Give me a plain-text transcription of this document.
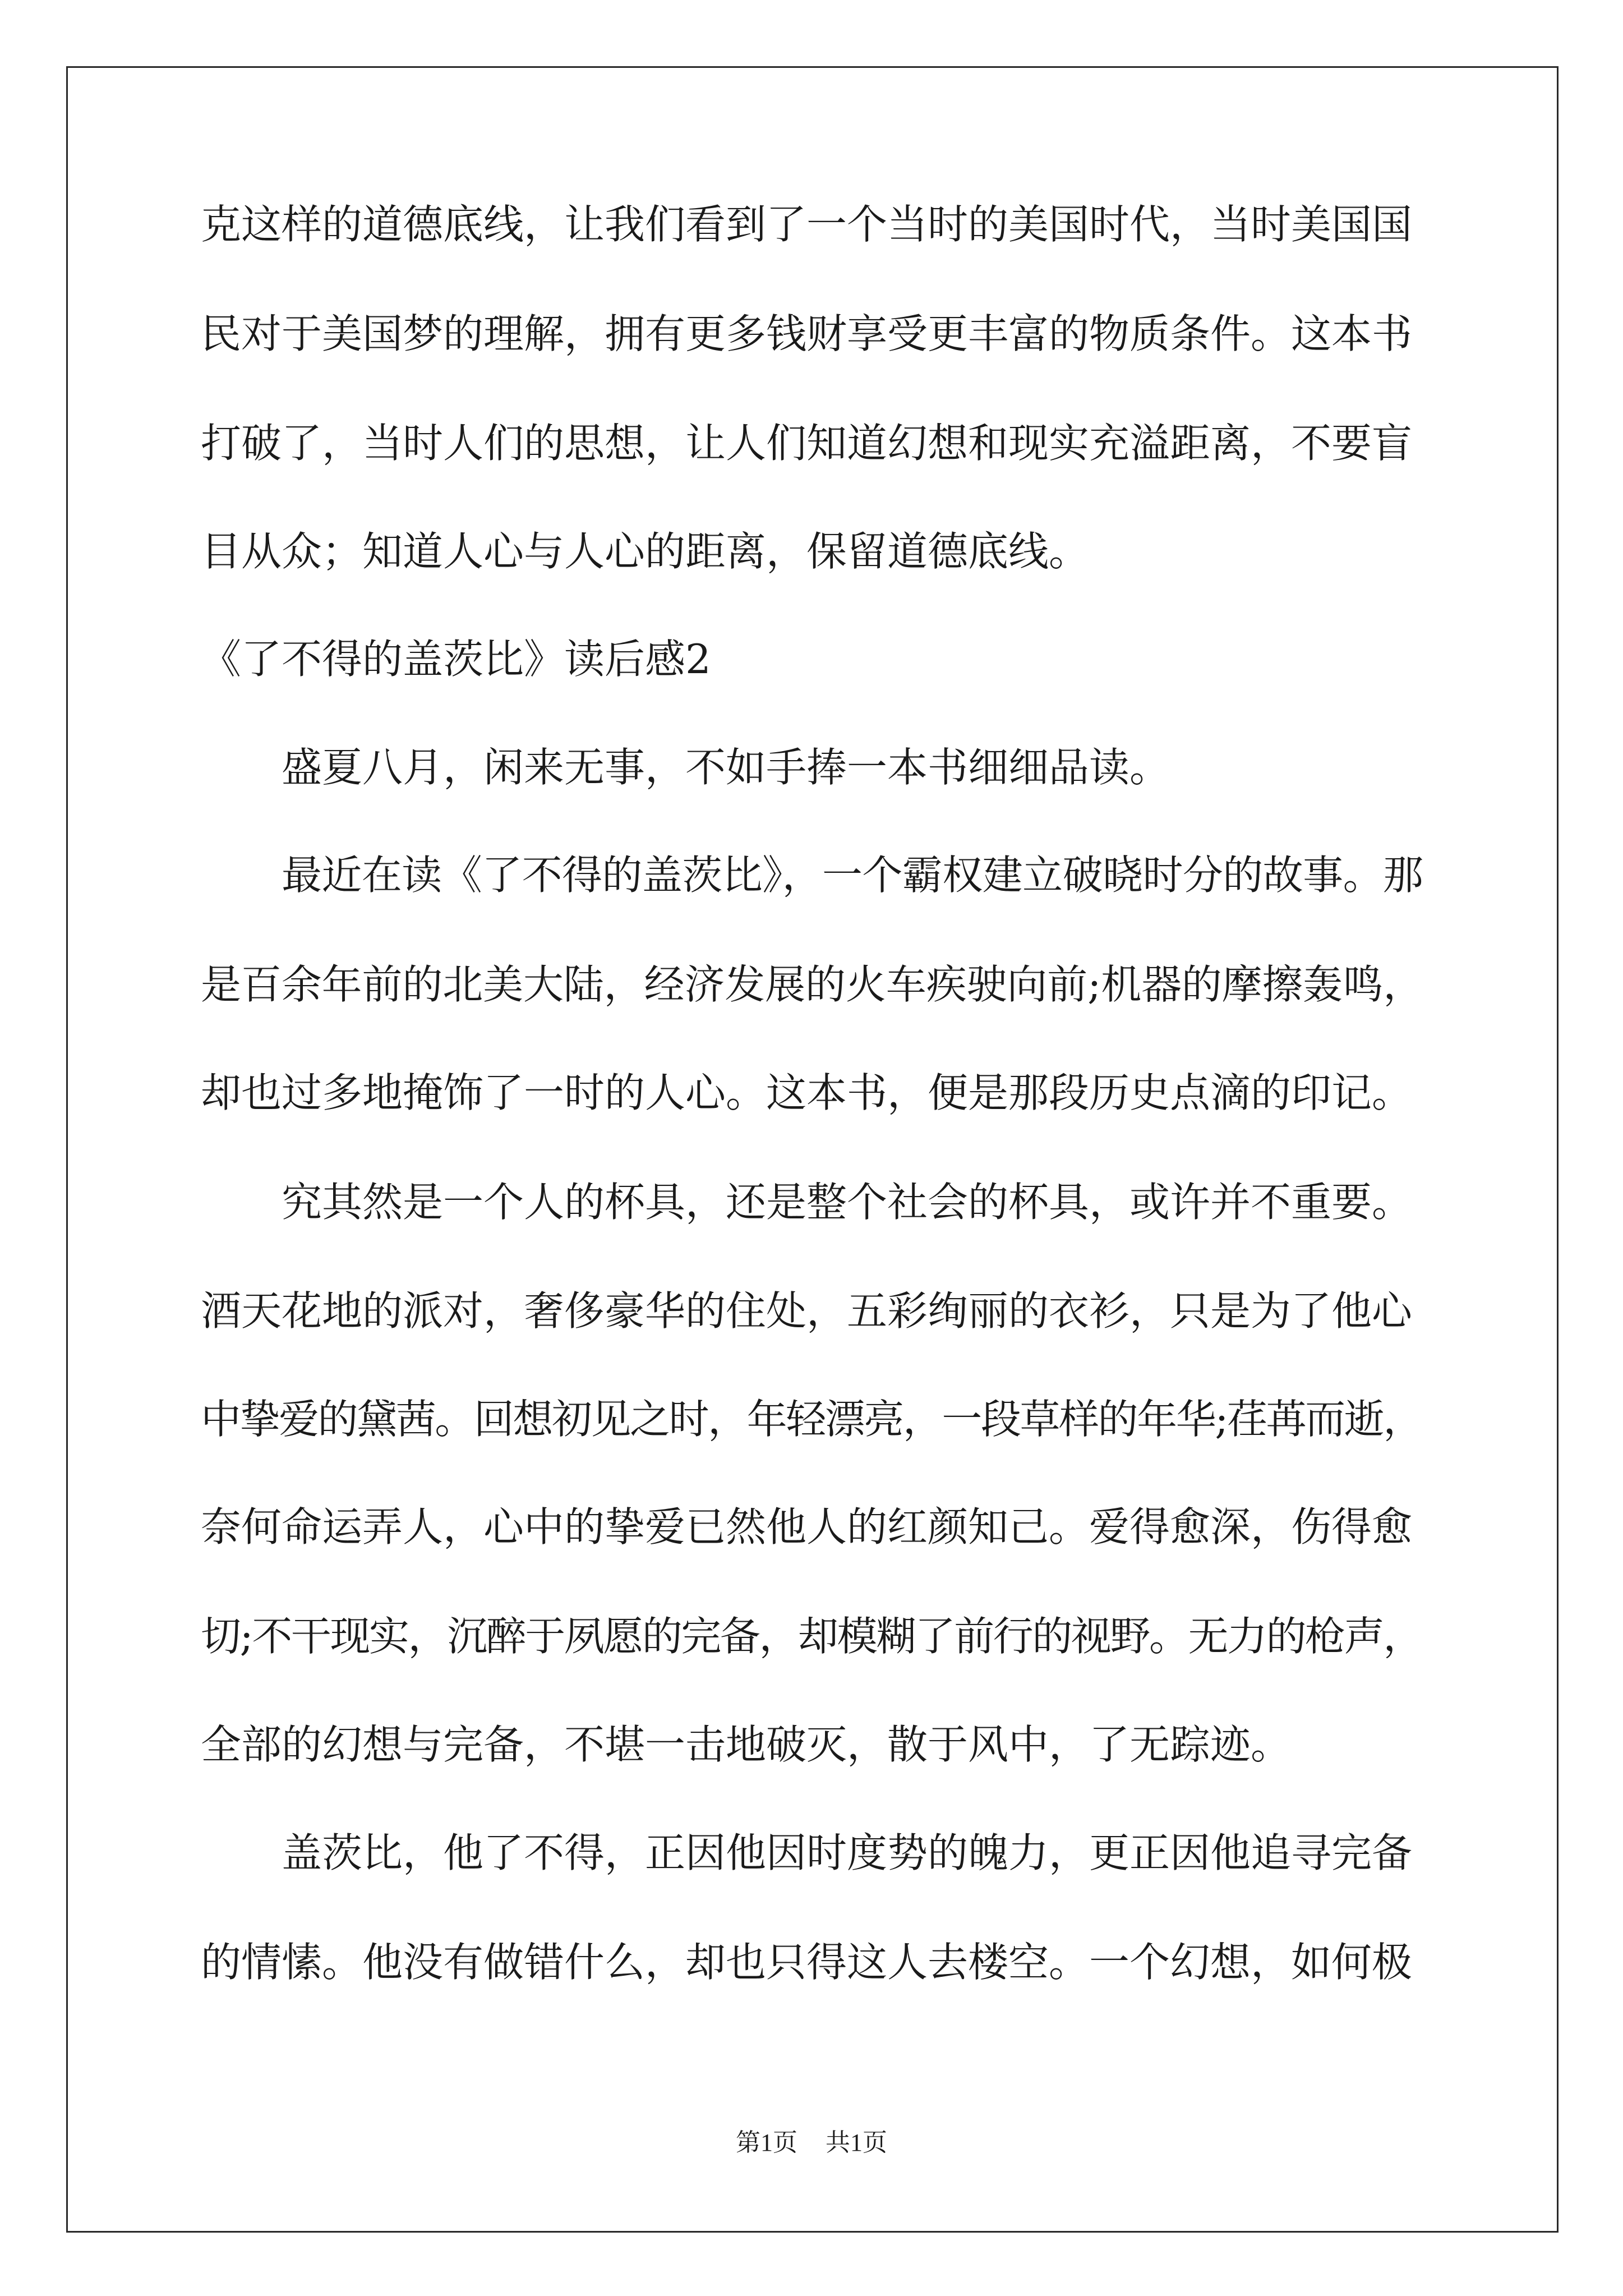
克这样的道德底线，让我们看到了一个当时的美国时代，当时美国国
民对于美国梦的理解，拥有更多钱财享受更丰富的物质条件。这本书
打破了，当时人们的思想，让人们知道幻想和现实充溢距离，不要盲
目从众；知道人心与人心的距离，保留道德底线。
《了不得的盖茨比》读后感2
盛夏八月，闲来无事，不如手捧一本书细细品读。
最近在读《了不得的盖茨比》，一个霸权建立破晓时分的故事。那
是百余年前的北美大陆，经济发展的火车疾驶向前;机器的摩擦轰鸣，
却也过多地掩饰了一时的人心。这本书，便是那段历史点滴的印记。
究其然是一个人的杯具，还是整个社会的杯具，或许并不重要。
酒天花地的派对，奢侈豪华的住处，五彩绚丽的衣衫，只是为了他心
中挚爱的黛茜。回想初见之时，年轻漂亮，一段草样的年华;荏苒而逝，
奈何命运弄人，心中的挚爱已然他人的红颜知己。爱得愈深，伤得愈
切;不干现实，沉醉于夙愿的完备，却模糊了前行的视野。无力的枪声，
全部的幻想与完备，不堪一击地破灭，散于风中，了无踪迹。
盖茨比，他了不得，正因他因时度势的魄力，更正因他追寻完备
的情愫。他没有做错什么，却也只得这人去楼空。一个幻想，如何极
第1页 共1页
